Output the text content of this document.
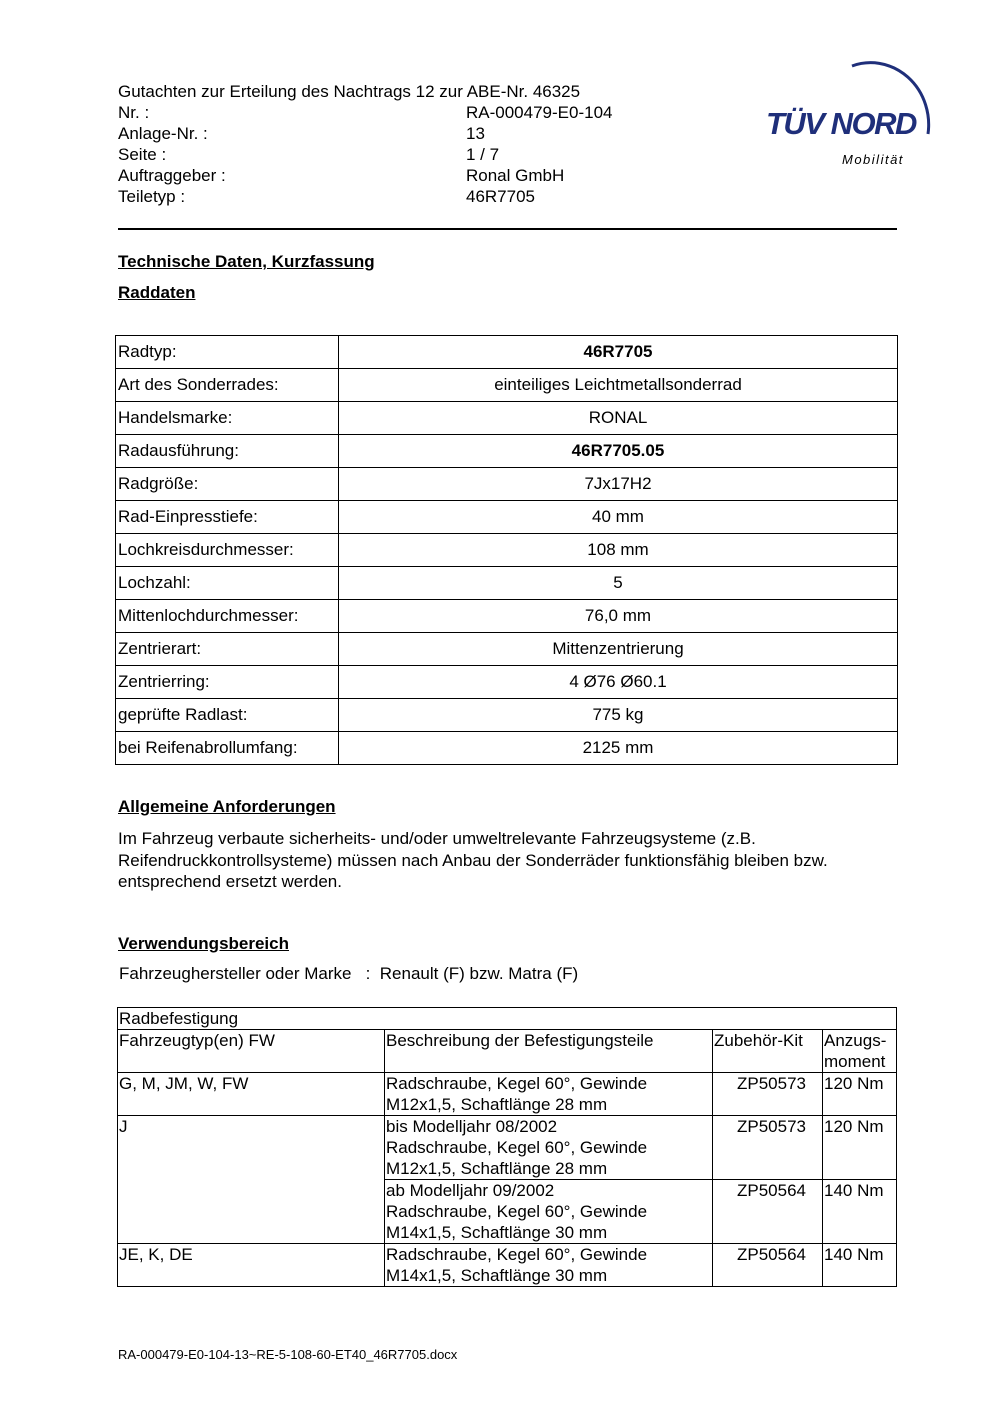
Gutachten zur Erteilung des Nachtrags 12 zur ABE-Nr. 46325
Nr. :	RA-000479-E0-104
Anlage-Nr. :	13
Seite :	1 / 7
Auftraggeber :	Ronal GmbH
Teiletyp :	46R7705
TÜV NORD
Mobilität
Technische Daten, Kurzfassung
Raddaten
Radtyp:	46R7705
Art des Sonderrades:	einteiliges Leichtmetallsonderrad
Handelsmarke:	RONAL
Radausführung:	46R7705.05
Radgröße:	7Jx17H2
Rad-Einpresstiefe:	40 mm
Lochkreisdurchmesser:	108 mm
Lochzahl:	5
Mittenlochdurchmesser:	76,0 mm
Zentrierart:	Mittenzentrierung
Zentrierring:	4 Ø76 Ø60.1
geprüfte Radlast:	775 kg
bei Reifenabrollumfang:	2125 mm
Allgemeine Anforderungen
Im Fahrzeug verbaute sicherheits- und/oder umweltrelevante Fahrzeugsysteme (z.B.
Reifendruckkontrollsysteme) müssen nach Anbau der Sonderräder funktionsfähig bleiben bzw.
entsprechend ersetzt werden.
Verwendungsbereich
Fahrzeughersteller oder Marke   :  Renault (F) bzw. Matra (F)
Radbefestigung			
Fahrzeugtyp(en) FW	Beschreibung der Befestigungsteile	Zubehör-Kit	Anzugs-
moment

G, M, JM, W, FW	Radschraube, Kegel 60°, Gewinde
M12x1,5, Schaftlänge 28 mm	ZP50573	120 Nm
J	bis Modelljahr 08/2002
Radschraube, Kegel 60°, Gewinde
M12x1,5, Schaftlänge 28 mm	ZP50573	120 Nm

	ab Modelljahr 09/2002
Radschraube, Kegel 60°, Gewinde
M14x1,5, Schaftlänge 30 mm	ZP50564	140 Nm
JE, K, DE	Radschraube, Kegel 60°, Gewinde
M14x1,5, Schaftlänge 30 mm	ZP50564	140 Nm
RA-000479-E0-104-13~RE-5-108-60-ET40_46R7705.docx
